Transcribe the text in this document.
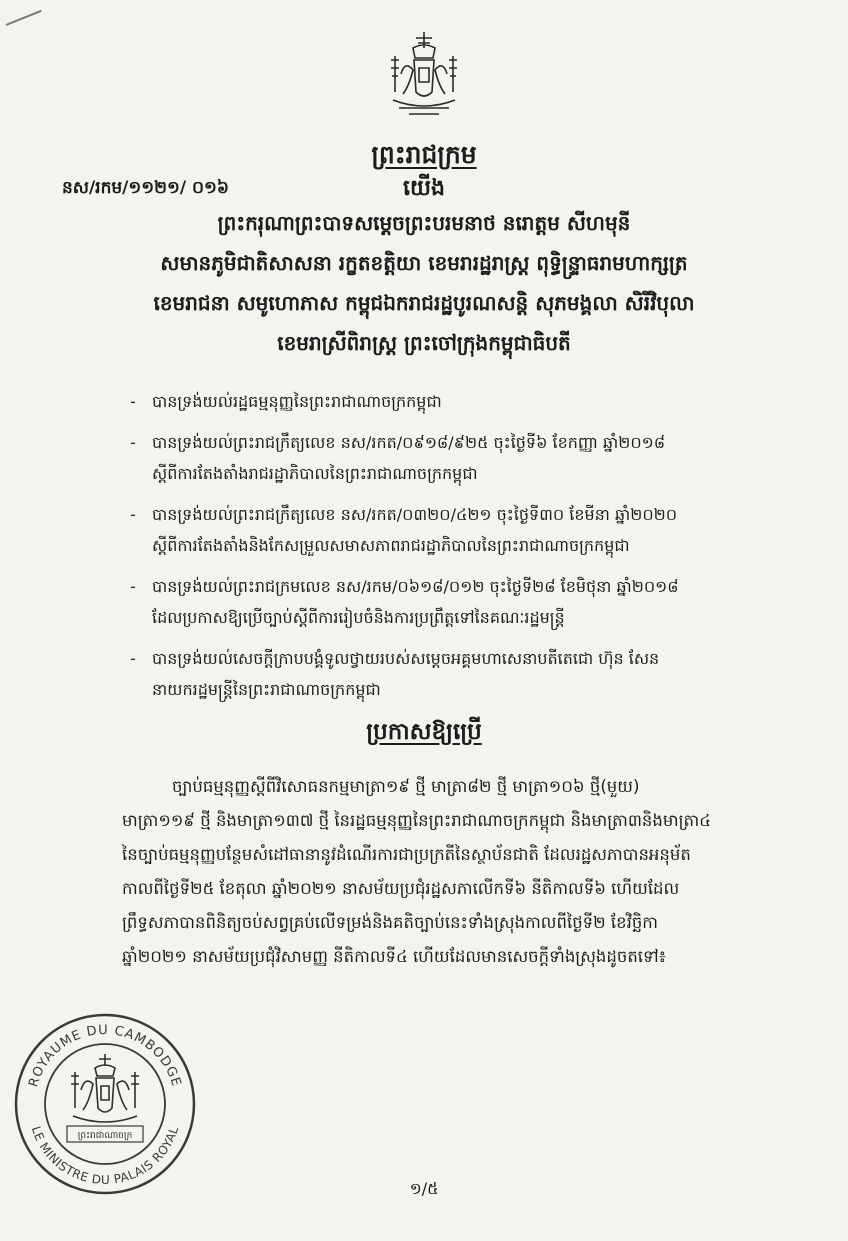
ព្រះរាជក្រម
នស/រកម/១១២១/ ០១៦	យើង
ព្រះករុណាព្រះបាទសម្ដេចព្រះបរមនាថ នរោត្តម សីហមុនី
សមានភូមិជាតិសាសនា រក្ខតខត្តិយា ខេមរារដ្ឋរាស្ដ្រ ពុទ្ធិន្ទ្រាធរាមហាក្សត្រ
ខេមរាជនា សមូហោភាស កម្ពុជឯករាជរដ្ឋបូរណសន្តិ សុភមង្គលា សិរីវិបុលា
ខេមរាស្រីពិរាស្ដ្រ ព្រះចៅក្រុងកម្ពុជាធិបតី
- បានទ្រង់យល់រដ្ឋធម្មនុញ្ញនៃព្រះរាជាណាចក្រកម្ពុជា
- បានទ្រង់យល់ព្រះរាជក្រឹត្យលេខ នស/រកត/០៩១៨/៩២៥ ចុះថ្ងៃទី៦ ខែកញ្ញា ឆ្នាំ២០១៨
ស្ដីពីការតែងតាំងរាជរដ្ឋាភិបាលនៃព្រះរាជាណាចក្រកម្ពុជា
- បានទ្រង់យល់ព្រះរាជក្រឹត្យលេខ នស/រកត/០៣២០/៤២១ ចុះថ្ងៃទី៣០ ខែមីនា ឆ្នាំ២០២០
ស្ដីពីការតែងតាំងនិងកែសម្រួលសមាសភាពរាជរដ្ឋាភិបាលនៃព្រះរាជាណាចក្រកម្ពុជា
- បានទ្រង់យល់ព្រះរាជក្រមលេខ នស/រកម/០៦១៨/០១២ ចុះថ្ងៃទី២៨ ខែមិថុនា ឆ្នាំ២០១៨
ដែលប្រកាសឱ្យប្រើច្បាប់ស្ដីពីការរៀបចំនិងការប្រព្រឹត្តទៅនៃគណៈរដ្ឋមន្ត្រី
- បានទ្រង់យល់សេចក្ដីក្រាបបង្គំទូលថ្វាយរបស់សម្ដេចអគ្គមហាសេនាបតីតេជោ ហ៊ុន សែន
នាយករដ្ឋមន្ត្រីនៃព្រះរាជាណាចក្រកម្ពុជា
ប្រកាសឱ្យប្រើ
ច្បាប់ធម្មនុញ្ញស្ដីពីវិសោធនកម្មមាត្រា១៩ ថ្មី មាត្រា៨២ ថ្មី មាត្រា១០៦ ថ្មី(មួយ)
មាត្រា១១៩ ថ្មី និងមាត្រា១៣៧ ថ្មី នៃរដ្ឋធម្មនុញ្ញនៃព្រះរាជាណាចក្រកម្ពុជា និងមាត្រា៣និងមាត្រា៤
នៃច្បាប់ធម្មនុញ្ញបន្ថែមសំដៅធានានូវដំណើរការជាប្រក្រតីនៃស្ថាប័នជាតិ ដែលរដ្ឋសភាបានអនុម័ត
កាលពីថ្ងៃទី២៥ ខែតុលា ឆ្នាំ២០២១ នាសម័យប្រជុំរដ្ឋសភាលើកទី៦ នីតិកាលទី៦ ហើយដែល
ព្រឹទ្ធសភាបានពិនិត្យចប់សព្វគ្រប់លើទម្រង់និងគតិច្បាប់នេះទាំងស្រុងកាលពីថ្ងៃទី២ ខែវិច្ឆិកា
ឆ្នាំ២០២១ នាសម័យប្រជុំវិសាមញ្ញ នីតិកាលទី៤ ហើយដែលមានសេចក្ដីទាំងស្រុងដូចតទៅ៖
ROYAUME DU CAMBODGE
LE MINISTRE DU PALAIS ROYAL
ព្រះរាជាណាចក្រ
១/៥
